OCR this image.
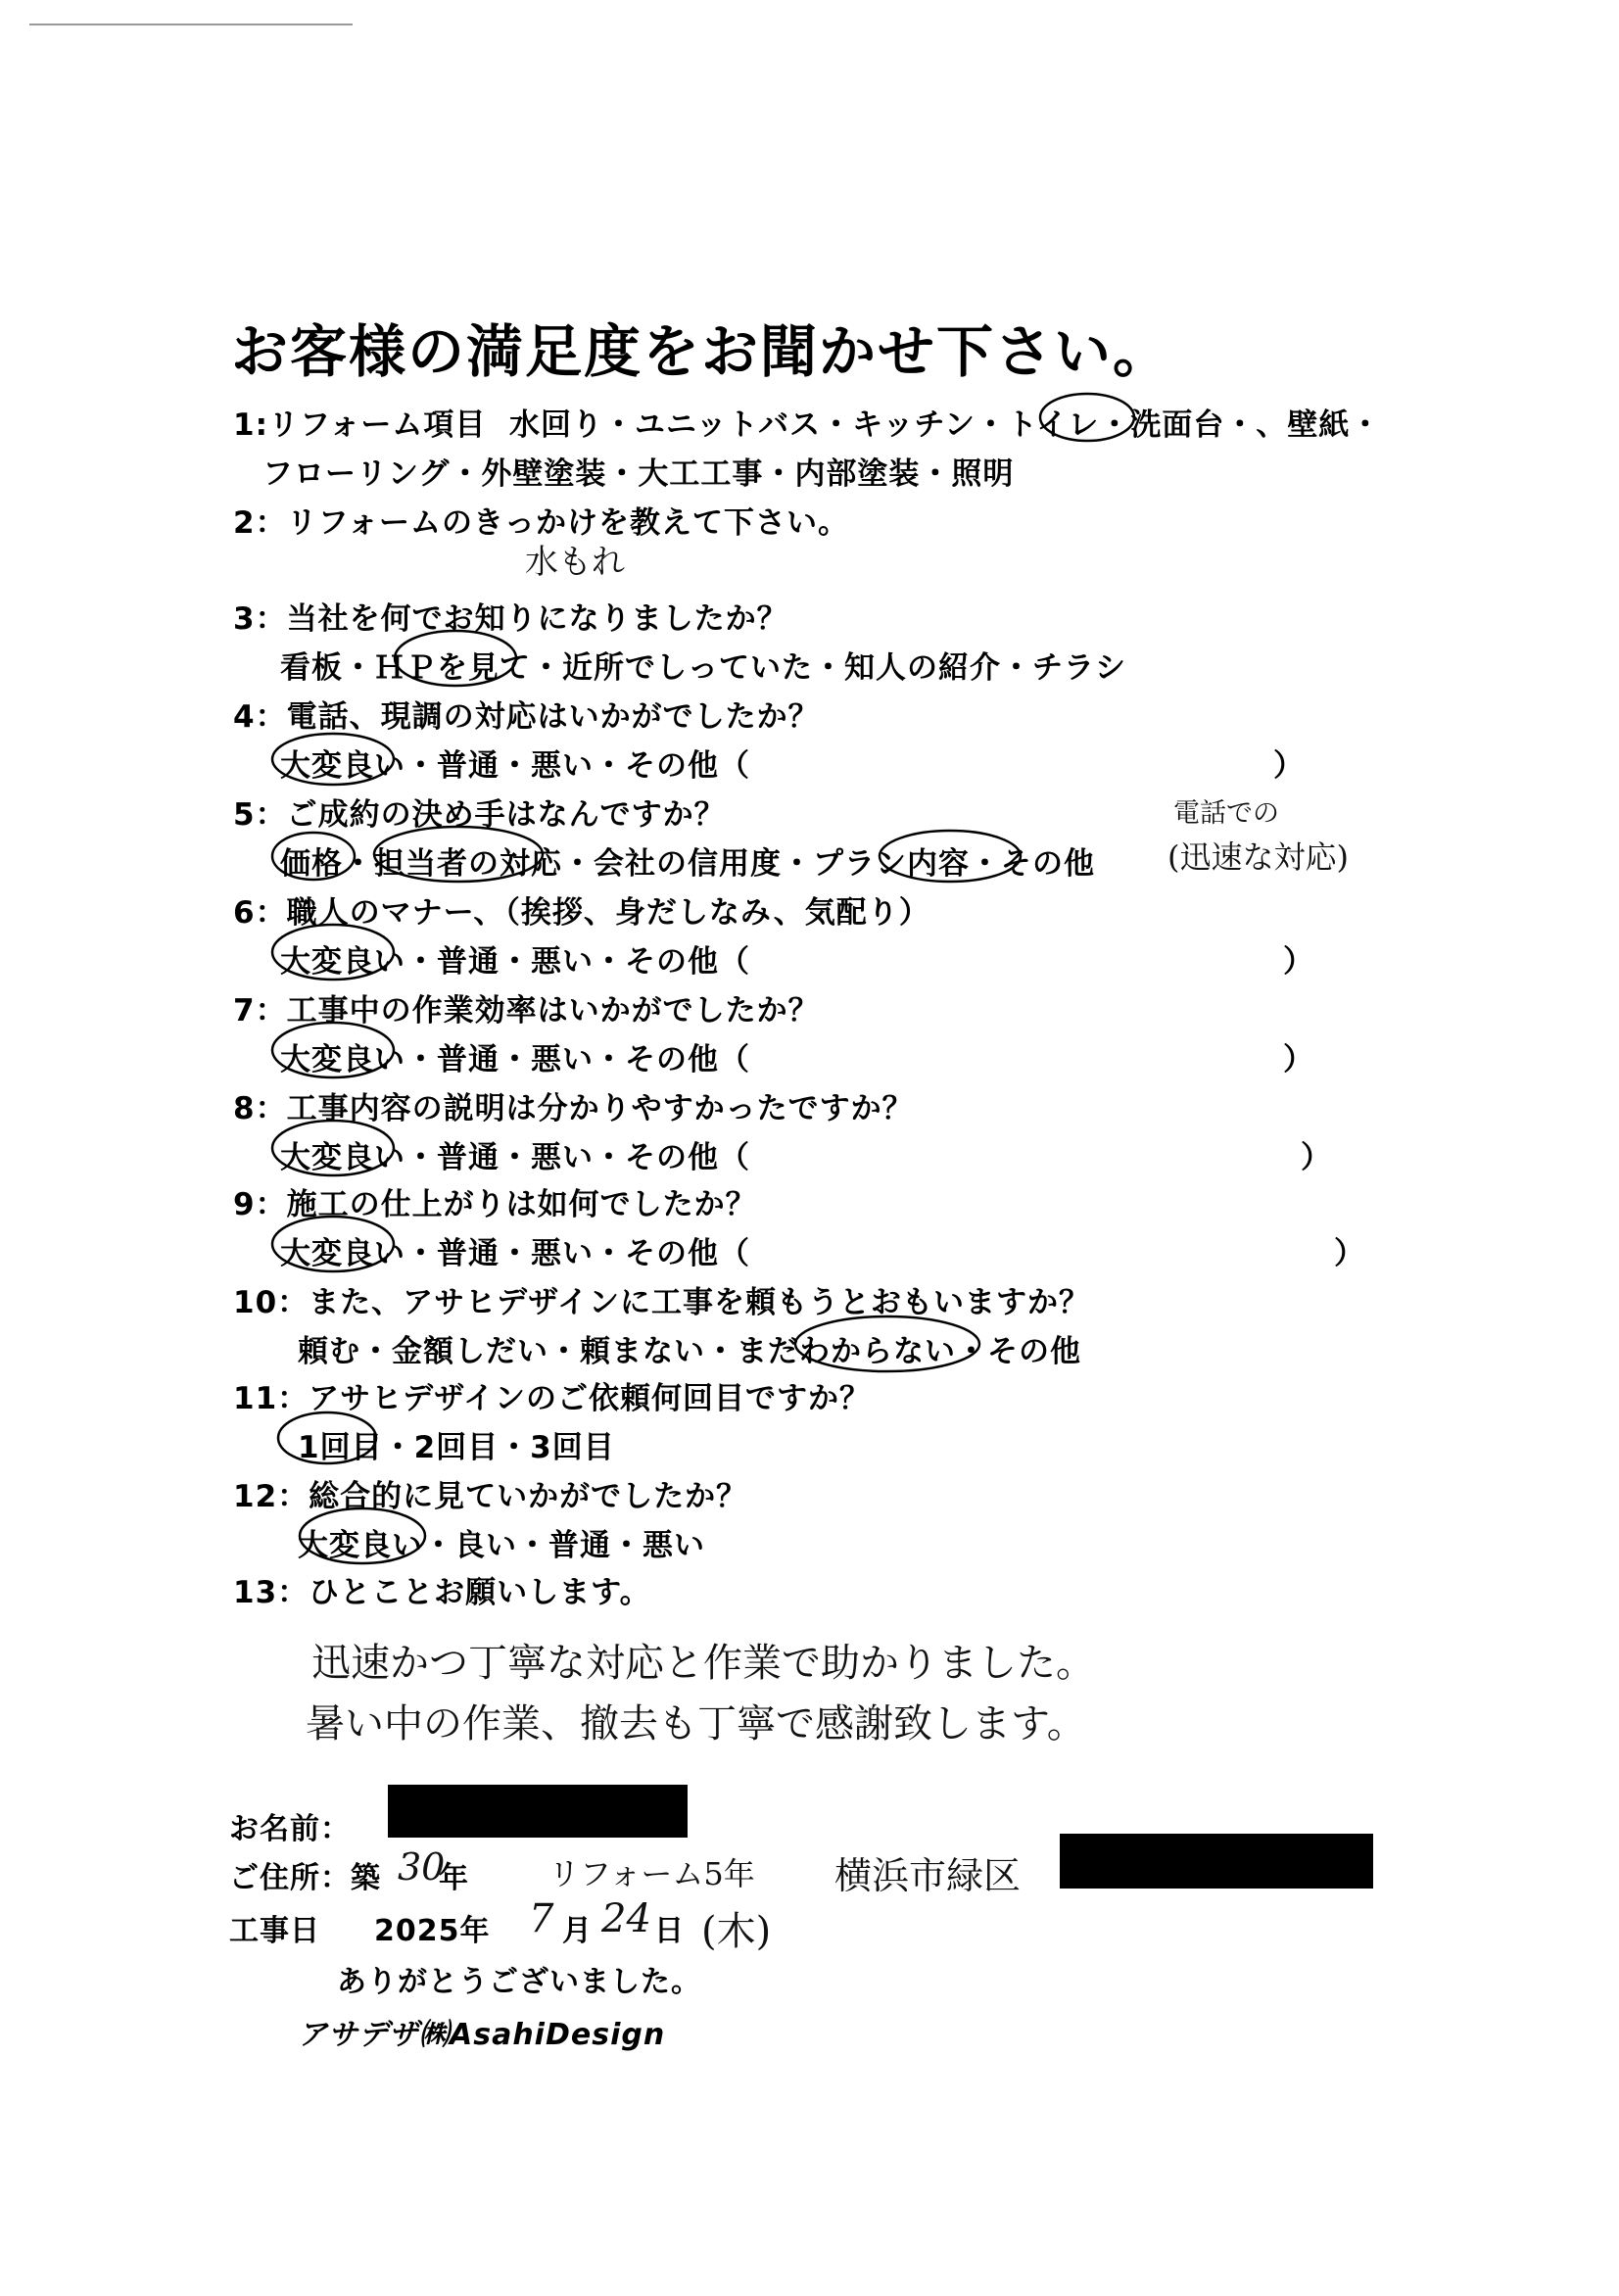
お客様の満足度をお聞かせ下さい。
1:リフォーム項目 水回り・ユニットバス・キッチン・トイレ・洗面台・、壁紙・
フローリング・外壁塗装・大工工事・内部塗装・照明
2：リフォームのきっかけを教えて下さい。
水もれ
3：当社を何でお知りになりましたか？
看板・ＨＰを見て・近所でしっていた・知人の紹介・チラシ
4：電話、現調の対応はいかがでしたか？
大変良い・普通・悪い・その他（	）
5：ご成約の決め手はなんですか？	電話での
価格・担当者の対応・会社の信用度・プラン内容・その他 (迅速な対応)
6：職人のマナー、（挨拶、身だしなみ、気配り）
大変良い・普通・悪い・その他（	）
7：工事中の作業効率はいかがでしたか？
大変良い・普通・悪い・その他（	）
8：工事内容の説明は分かりやすかったですか？
大変良い・普通・悪い・その他（	）
9：施工の仕上がりは如何でしたか？
大変良い・普通・悪い・その他（	）
10：また、アサヒデザインに工事を頼もうとおもいますか？
頼む・金額しだい・頼まない・まだわからない・その他
11：アサヒデザインのご依頼何回目ですか？
1回目・2回目・3回目
12：総合的に見ていかがでしたか？
大変良い・良い・普通・悪い
13：ひとことお願いします。
迅速かつ丁寧な対応と作業で助かりました。
暑い中の作業、撤去も丁寧で感謝致します。
お名前：
ご住所：築 30
年	リフォーム5年 横浜市緑区
工事日 2025年 7 月 24 日 (木)
ありがとうございました。
アサデザ㈱AsahiDesign
